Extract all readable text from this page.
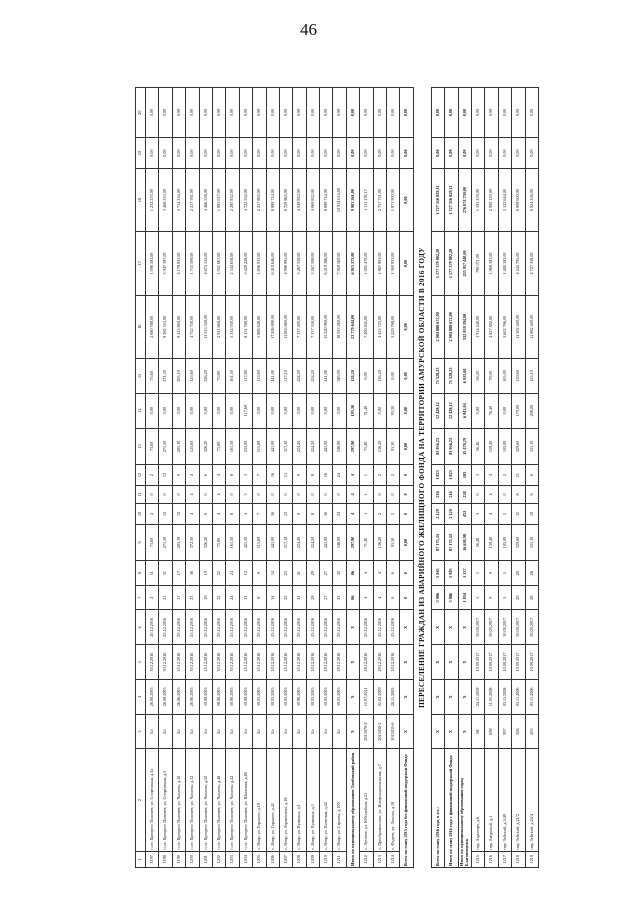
46
1	2	3	4	5	6	7	8	9	10	11	12	13	14	15	16	17	18	19	20
1197	п.г.т. Прогресс Пнкомет, ул. Спортивная, д.3а	Бл	26.08.2005	30.12.2016	20.12.2016	2	11	73,60	2	0	2	73,60	0,00	73,60	2 680 780,00	1 096 581,00	1 234 275,00	0,00	0,00
1198	п.г.т. Прогресс Пнкомет, ул. Спортивная, д.5	Бл	26.08.2005	30.12.2016	25.12.2016	21	31	271,30	12	0	12	271,30	0,00	271,30	9 382 353,00	3 947 397,00	3 468 333,00	0,00	0,00
1199	п.г.т. Прогресс Пнкомет, ул. Чапаева, д.10	Бл	26.06.2005	25.12.2016	25.12.2016	17	17	205,10	12	0	0	205,10	0,00	205,10	9 415 660,00	4 178 835,00	3 754 234,00	0,00	0,00
1200	п.г.т. Прогресс Пнкомет, ул. Чапаева, д.32	Бл	26.06.2005	30.12.2016	25.12.2016	23	36	372,30	4	4	4	125,60	0,00	125,60	4 752 758,00	1 755 509,00	2 417 781,00	0,00	0,00
1201	п.г.т. Прогресс Пнкомет, ул. Чапаева, д.50	Бл	30.08.2005	25.12.2016	25.12.2016	19	19	326,20	6	0	6	326,20	0,00	326,20	11 515 520,00	4 673 152,00	4 466 538,00	0,00	0,00
1202	п.г.т. Прогресс Пнкомет, ул. Чапаева, д.48	Бл	08.06.2005	30.12.2016	25.12.2016	22	22	75,80	4	4	4	75,80	0,00	75,80	2 941 668,00	1 051 667,00	1 085 017,00	0,00	0,00
1203	п.г.т. Прогресс Пнкомет, ул. Чапаева, д.42	Бл	30.06.2005	30.12.2016	25.12.2016	24	24	161,50	8	0	8	161,50	0,00	161,50	5 534 030,00	2 344 658,00	2 285 852,00	0,00	0,00
1204	п.г.т. Прогресс Пнкомет, ул. Шахтовая, д.46	Бл	30.08.2005	25.12.2016	25.12.2016	11	12	425,30	4	3	3	235,00	117,60	117,80	8 151 780,00	3 429 228,00	4 722 552,00	0,00	0,00
1205	с. Новр, ул. Горького, д.18	Бл	30.05.2005	25.12.2016	25.12.2016	8	8	115,60	7	0	7	115,60	0,00	115,60	5 888 640,00	1 836 915,00	2 257 863,00	0,00	0,00
1206	с. Новр, ул. Горького, д.42	Бл	30.05.2005	30.12.2016	25.12.2016	34	34	441,00	16	0	16	441,00	0,00	441,00	17 206 890,00	6 419 646,00	8 889 714,00	0,00	0,00
1207	с. Новр, ул. Лермонтова, д.18	Бл	30.05.2005	25.12.2016	25.12.2016	25	25	517,10	13	0	13	517,10	0,00	517,10	11 665 860,00	4 996 995,00	6 729 865,00	0,00	0,00
1208	с. Новр, ул. Пушкина, д.1	Бл	30.06.2005	25.12.2016	25.12.2016	41	41	224,20	9	0	9	224,20	0,00	224,20	7 337 400,00	3 267 558,00	4 049 822,00	0,00	0,00
1209	с. Новр, ул. Пушкина, д.3	Бл	30.05.2005	30.12.2016	25.12.2016	29	29	224,20	8	0	8	224,20	0,00	224,20	7 337 330,00	3 267 598,00	4 069 822,00	0,00	0,00
1210	с. Новр, ул. Почтовая, д.42	Бл	30.05.2005	29.12.2016	25.12.2016	27	27	441,00	16	0	16	441,00	0,00	441,00	15 220 960,00	6 419 386,00	8 889 714,00	0,00	0,00
1211	с. Новр, ул. Строева, д.100	Бл	30.05.2005	29.12.2016	25.12.2016	43	43	546,00	24	0	24	546,00	0,00	546,00	18 915 260,00	7 959 560,00	10 954 614,00	0,00	0,00
Итого по муниципальному образованию Тамбовский район		X	X	X	X	86	86	297,90	4	4	4	297,90	195,30	120,20	23 779 644,00	6 915 375,00	9 903 261,00	0,00	0,00
1212	с. Луговое, ул. Юбилейная, д.21	2013070-2	11.07.2011	28.12.2016	25.12.2016	4	4	71,40	1	1	1	71,40	71,40	0,00	7 490 845,00	1 005 470,00	1 111 178,17	0,00	0,00
1213	с. Преображеновка, ул. Интернациональная, д.7	2015030-2	01.02.2009	29.12.2016	25.12.2016	4	4	136,20	2	0	2	136,20	0,00	136,20	4 453 725,00	1 867 903,00	2 757 731,00	0,00	0,00
1214	с. Фадеев, ул. Ленина, д.18	2015035-6	28.11.2005	30.12.2016	25.12.2016	6	6	93,30	2	0	2	93,30	93,30	0,00	3 229 768,00	1 369 933,00	1 871 900,00	0,00	0,00
Всего по этапу 2015 года без финансовой поддержки Фонда		X	X	X	X	0	0	0,00	0	0	0	0,00	0,00	0,00	0,00	0,00	0,00	0,00	0,00
ПЕРЕСЕЛЕНИЕ ГРАЖДАН ИЗ АВАРИЙНОГО ЖИЛИЩНОГО ФОНДА НА ТЕРРИТОРИИ АМУРСКОЙ ОБЛАСТИ В 2016 ГОДУ																			
Всего по этапу 2016 года, в т.ч.:		X	X	X	X	5 906	5 945	87 175,34	2 129	216	1 823	83 956,23	12 428,12	71 528,23	2 904 888 672,00	1 177 379 802,20	1 727 516 829,11	0,00	0,00
Итого по этапу 2016 года с финансовой поддержкой Фонда		X	X	X	X	5 886	5 945	87 175,34	2 129	216	1 823	83 956,23	12 428,12	71 528,23	2 904 888 672,00	1 177 379 802,20	1 727 516 829,11	0,00	0,00
Итого по муниципальному образованию город Благовещенск		X	X	X	X	1 054	1 137	16 630,98	453	230	183	15 478,29	6 943,04	6 935,00	532 059 394,00	255 957 440,00	276 074 759,00	0,00	0,00
1215	пер. Аэропорт, д.6	68	24.11.2009	10.09.2017	30.09.2017	5	5	56,40	3	0	3	56,40	0,00	56,40	1 914 440,00	790 071,00	1 103 259,00	0,00	0,00
1216	пер. Амурский, д.1	698	11.01.2008	10.09.2017	30.09.2017	9	9	150,40	4	4	4	150,40	76,40	79,00	4 827 802,00	1 968 383,00	2 900 120,00	0,00	0,00
1217	пер. Зейский, д.3/49	997	03.11.2008	10.09.2017	30.09.2017	5	5	105,00	2	0	2	105,00	0,00	105,00	3 602 766,00	1 480 183,00	2 122 644,00	0,00	0,00
1218	пер. Зейский, д.21/2	206	03.11.2006	10.09.2017	30.09.2017	20	20	329,60	11	8	11	329,60	179,00	150,60	11 302 400,00	4 443 795,00	6 909 600,00	0,00	0,00
1219	пер. Зейский, д.24/4	205	03.11.2006	10.09.2017	30.09.2017	28	28	331,10	10	6	6	331,10	208,00	123,10	11 982 400,00	4 727 358,00	6 924 256,00	0,00	0,00
